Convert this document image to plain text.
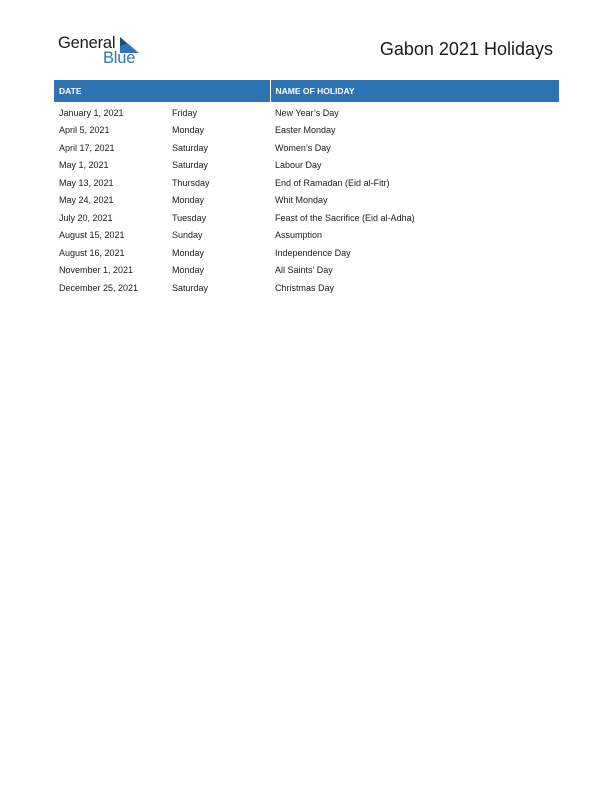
General
Blue	Gabon 2021 Holidays
DATE		NAME OF HOLIDAY
January 1, 2021	Friday	New Year’s Day
April 5, 2021	Monday	Easter Monday
April 17, 2021	Saturday	Women’s Day
May 1, 2021	Saturday	Labour Day
May 13, 2021	Thursday	End of Ramadan (Eid al-Fitr)
May 24, 2021	Monday	Whit Monday
July 20, 2021	Tuesday	Feast of the Sacrifice (Eid al-Adha)
August 15, 2021	Sunday	Assumption
August 16, 2021	Monday	Independence Day
November 1, 2021	Monday	All Saints’ Day
December 25, 2021	Saturday	Christmas Day
